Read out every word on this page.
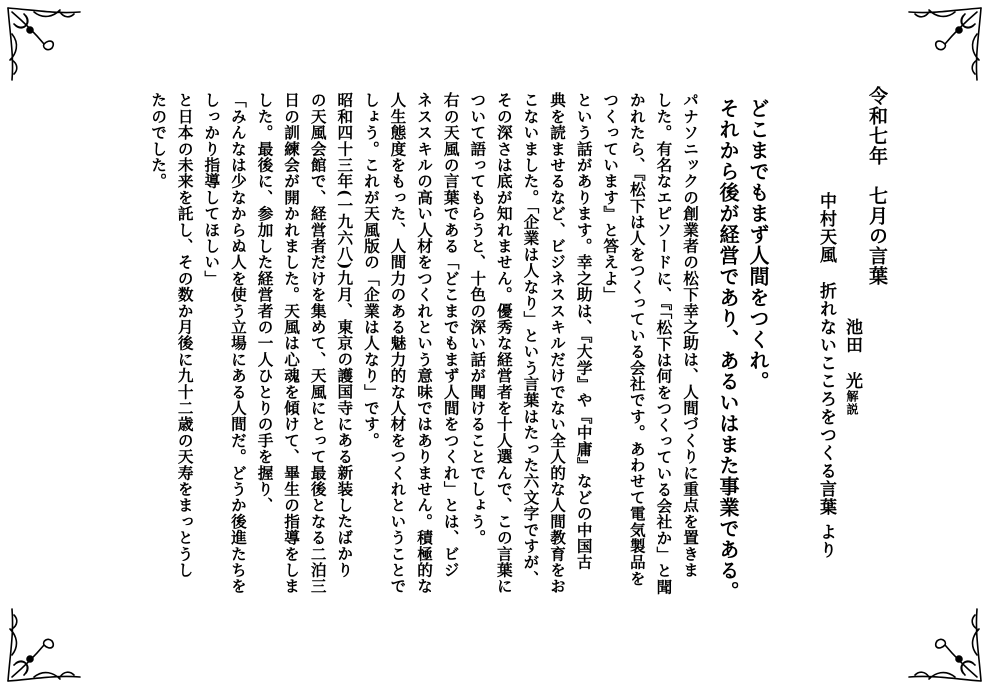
令和七年　七月の言葉
中村天風　折れないこころをつくる言葉 より 池田　光解説
どこまでもまず人間をつくれ。
それから後が経営であり、あるいはまた事業である。
パナソニックの創業者の松下幸之助は、人間づくりに重点を置きま
した。有名なエピソードに、『「松下は何をつくっている会社か」と聞
かれたら、『松下は人をつくっている会社です。あわせて電気製品を
つくっています』と答えよ」
という話があります。幸之助は、『大学』や『中庸』などの中国古
典を読ませるなど、ビジネススキルだけでない全人的な人間教育をお
こないました。「企業は人なり」という言葉はたった六文字ですが、
その深さは底が知れません。優秀な経営者を十人選んで、この言葉に
ついて語ってもらうと、十色の深い話が聞けることでしょう。
右の天風の言葉である「どこまでもまず人間をつくれ」とは、ビジ
ネススキルの高い人材をつくれという意味ではありません。積極的な
人生態度をもった、人間力のある魅力的な人材をつくれということで
しょう。これが天風版の「企業は人なり」です。
昭和四十三年(一九六八)九月、東京の護国寺にある新装したばかり
の天風会館で、経営者だけを集めて、天風にとって最後となる二泊三
日の訓練会が開かれました。天風は心魂を傾けて、畢生の指導をしま
した。最後に、参加した経営者の一人ひとりの手を握り、
「みんなは少なからぬ人を使う立場にある人間だ。どうか後進たちを
しっかり指導してほしい」
と日本の未来を託し、その数か月後に九十二歳の天寿をまっとうし
たのでした。
